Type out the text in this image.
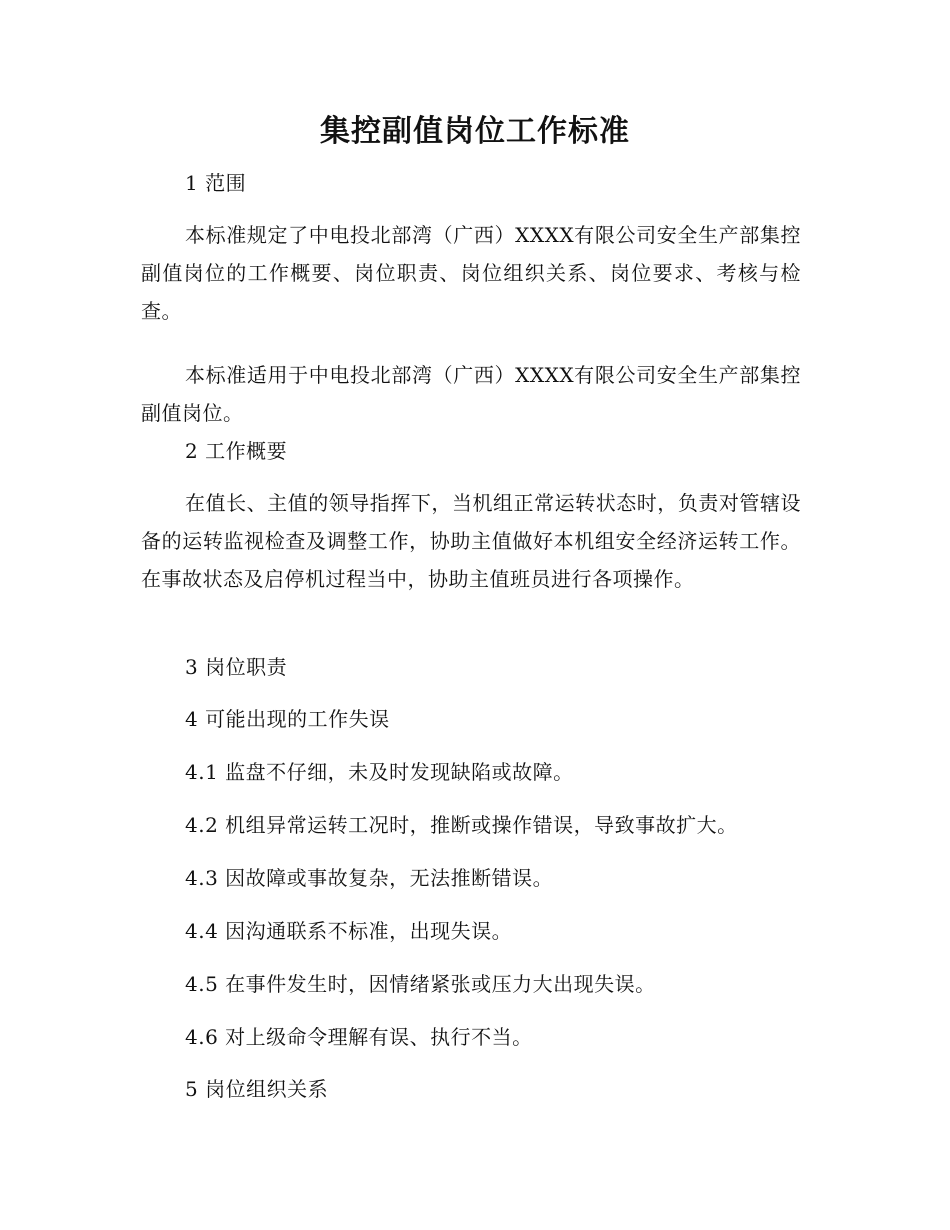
集控副值岗位工作标准

1 范围

本标准规定了中电投北部湾（广西）XXXX有限公司安全生产部集控副值岗位的工作概要、岗位职责、岗位组织关系、岗位要求、考核与检查。

本标准适用于中电投北部湾（广西）XXXX有限公司安全生产部集控副值岗位。

2 工作概要

在值长、主值的领导指挥下，当机组正常运转状态时，负责对管辖设备的运转监视检查及调整工作，协助主值做好本机组安全经济运转工作。在事故状态及启停机过程当中，协助主值班员进行各项操作。

3 岗位职责

4 可能出现的工作失误

4.1 监盘不仔细，未及时发现缺陷或故障。

4.2 机组异常运转工况时，推断或操作错误，导致事故扩大。

4.3 因故障或事故复杂，无法推断错误。

4.4 因沟通联系不标准，出现失误。

4.5 在事件发生时，因情绪紧张或压力大出现失误。

4.6 对上级命令理解有误、执行不当。

5 岗位组织关系
